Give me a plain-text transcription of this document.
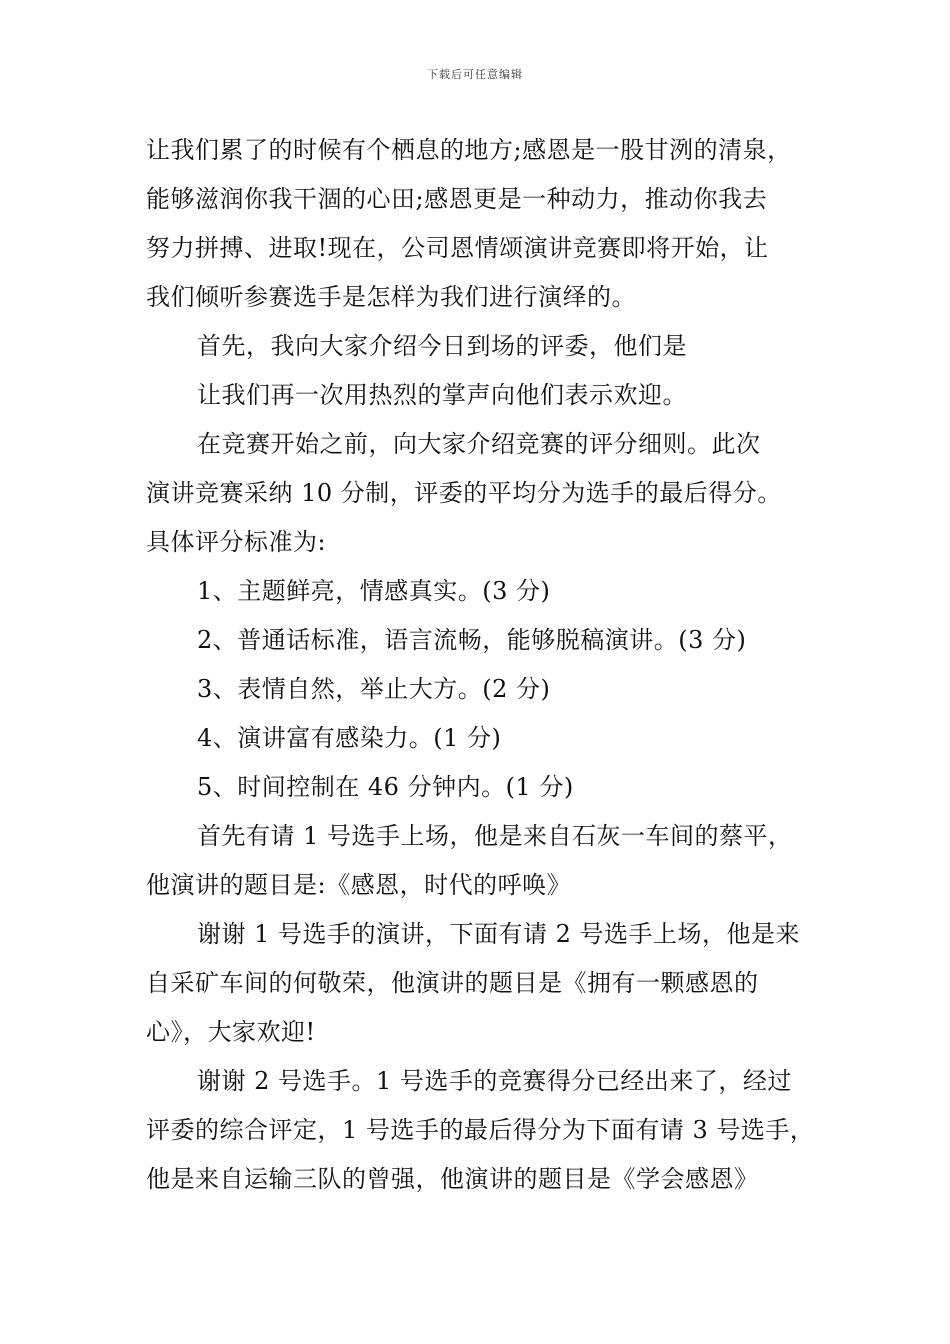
下载后可任意编辑
让我们累了的时候有个栖息的地方;感恩是一股甘洌的清泉，
能够滋润你我干涸的心田;感恩更是一种动力，推动你我去
努力拼搏、进取!现在，公司恩情颂演讲竞赛即将开始，让
我们倾听参赛选手是怎样为我们进行演绎的。
首先，我向大家介绍今日到场的评委，他们是
让我们再一次用热烈的掌声向他们表示欢迎。
在竞赛开始之前，向大家介绍竞赛的评分细则。此次
演讲竞赛采纳 10 分制，评委的平均分为选手的最后得分。
具体评分标准为:
1、主题鲜亮，情感真实。(3 分)
2、普通话标准，语言流畅，能够脱稿演讲。(3 分)
3、表情自然，举止大方。(2 分)
4、演讲富有感染力。(1 分)
5、时间控制在 46 分钟内。(1 分)
首先有请 1 号选手上场，他是来自石灰一车间的蔡平，
他演讲的题目是:《感恩，时代的呼唤》
谢谢 1 号选手的演讲，下面有请 2 号选手上场，他是来
自采矿车间的何敬荣，他演讲的题目是《拥有一颗感恩的
心》，大家欢迎!
谢谢 2 号选手。1 号选手的竞赛得分已经出来了，经过
评委的综合评定，1 号选手的最后得分为下面有请 3 号选手，
他是来自运输三队的曾强，他演讲的题目是《学会感恩》
